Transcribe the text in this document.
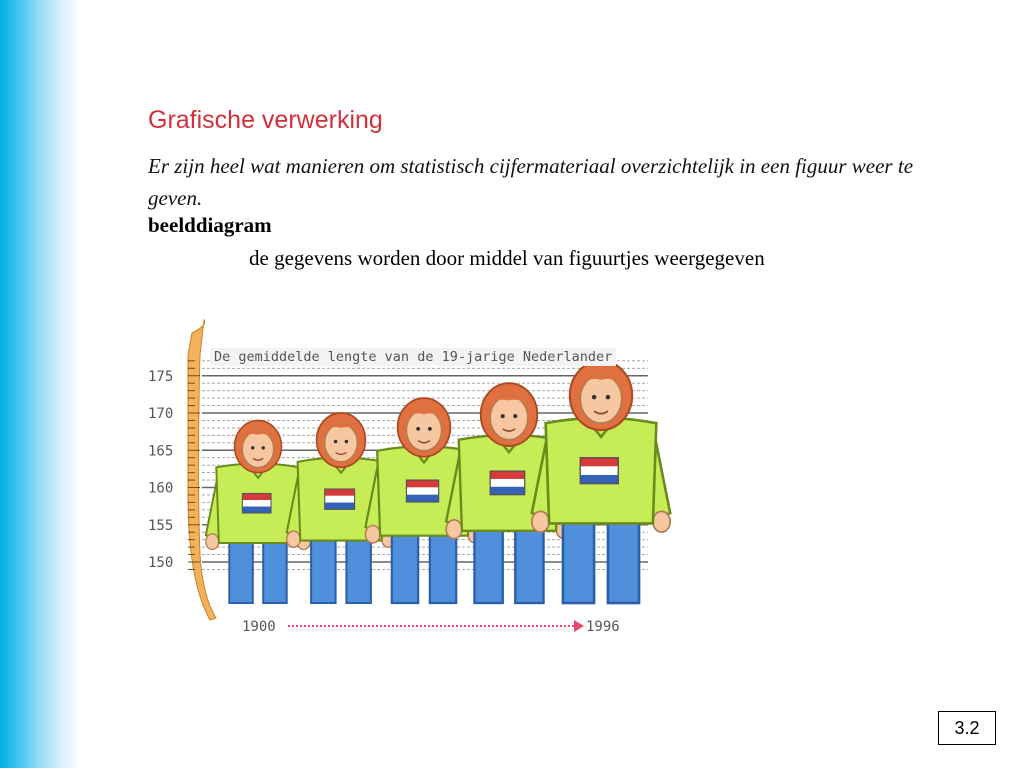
Grafische verwerking
Er zijn heel wat manieren om statistisch cijfermateriaal overzichtelijk in een figuur weer te geven.
beelddiagram
de gegevens worden door middel van figuurtjes weergegeven
175
170
165
160
155
150
1900	1996
De gemiddelde lengte van de 19-jarige Nederlander
3.2
